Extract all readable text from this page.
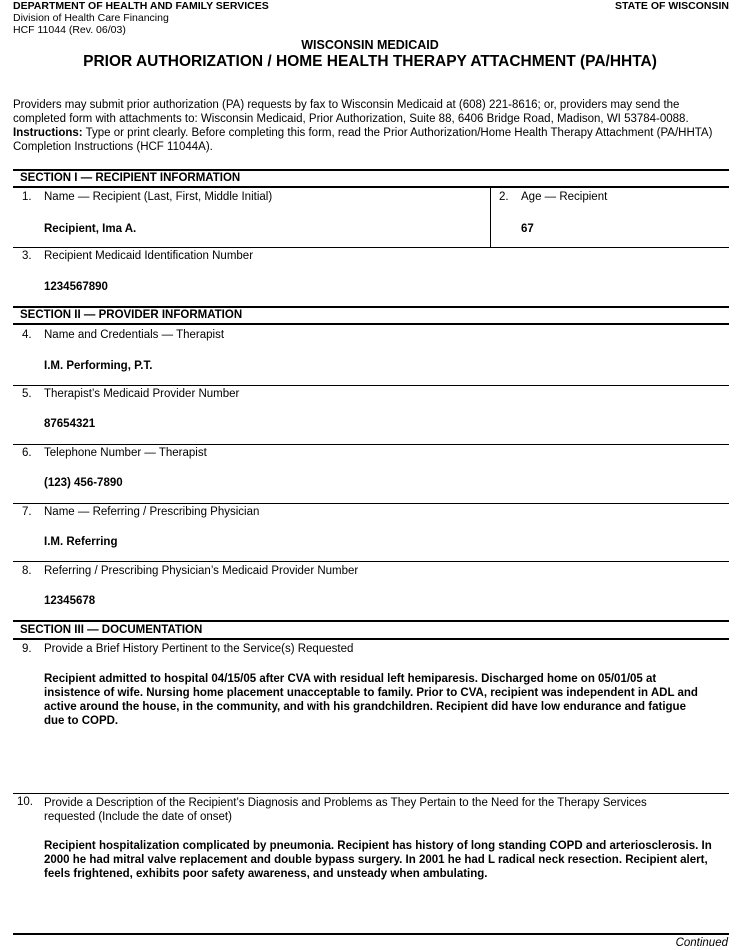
DEPARTMENT OF HEALTH AND FAMILY SERVICES
Division of Health Care Financing
HCF 11044 (Rev. 06/03)
STATE OF WISCONSIN
WISCONSIN MEDICAID
PRIOR AUTHORIZATION / HOME HEALTH THERAPY ATTACHMENT (PA/HHTA)
Providers may submit prior authorization (PA) requests by fax to Wisconsin Medicaid at (608) 221-8616; or, providers may send the completed form with attachments to: Wisconsin Medicaid, Prior Authorization, Suite 88, 6406 Bridge Road, Madison, WI 53784-0088. Instructions: Type or print clearly. Before completing this form, read the Prior Authorization/Home Health Therapy Attachment (PA/HHTA) Completion Instructions (HCF 11044A).
SECTION I — RECIPIENT INFORMATION
1. Name — Recipient (Last, First, Middle Initial)
Recipient, Ima A.
2. Age — Recipient
67
3. Recipient Medicaid Identification Number
1234567890
SECTION II — PROVIDER INFORMATION
4. Name and Credentials — Therapist
I.M. Performing, P.T.
5. Therapist’s Medicaid Provider Number
87654321
6. Telephone Number — Therapist
(123) 456-7890
7. Name — Referring / Prescribing Physician
I.M. Referring
8. Referring / Prescribing Physician’s Medicaid Provider Number
12345678
SECTION III — DOCUMENTATION
9. Provide a Brief History Pertinent to the Service(s) Requested
Recipient admitted to hospital 04/15/05 after CVA with residual left hemiparesis. Discharged home on 05/01/05 at insistence of wife. Nursing home placement unacceptable to family. Prior to CVA, recipient was independent in ADL and active around the house, in the community, and with his grandchildren. Recipient did have low endurance and fatigue due to COPD.
10. Provide a Description of the Recipient’s Diagnosis and Problems as They Pertain to the Need for the Therapy Services requested (Include the date of onset)
Recipient hospitalization complicated by pneumonia. Recipient has history of long standing COPD and arteriosclerosis. In 2000 he had mitral valve replacement and double bypass surgery. In 2001 he had L radical neck resection. Recipient alert, feels frightened, exhibits poor safety awareness, and unsteady when ambulating.
Continued
